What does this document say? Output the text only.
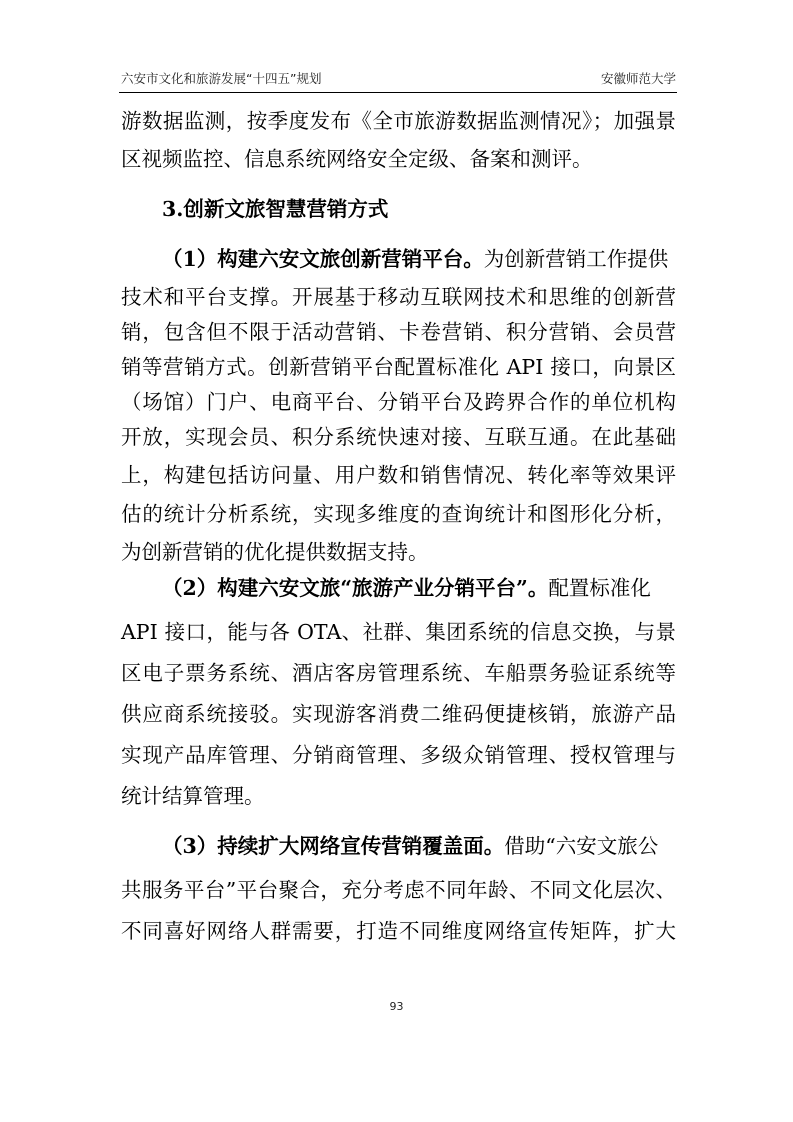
六安市文化和旅游发展“十四五”规划	安徽师范大学
游数据监测，按季度发布《全市旅游数据监测情况》；加强景
区视频监控、信息系统网络安全定级、备案和测评。
3.创新文旅智慧营销方式
（1）构建六安文旅创新营销平台。为创新营销工作提供
技术和平台支撑。开展基于移动互联网技术和思维的创新营
销，包含但不限于活动营销、卡卷营销、积分营销、会员营
销等营销方式。创新营销平台配置标准化 API 接口，向景区
（场馆）门户、电商平台、分销平台及跨界合作的单位机构
开放，实现会员、积分系统快速对接、互联互通。在此基础
上，构建包括访问量、用户数和销售情况、转化率等效果评
估的统计分析系统，实现多维度的查询统计和图形化分析，
为创新营销的优化提供数据支持。
（2）构建六安文旅“旅游产业分销平台”。配置标准化
API 接口，能与各 OTA、社群、集团系统的信息交换，与景
区电子票务系统、酒店客房管理系统、车船票务验证系统等
供应商系统接驳。实现游客消费二维码便捷核销，旅游产品
实现产品库管理、分销商管理、多级众销管理、授权管理与
统计结算管理。
（3）持续扩大网络宣传营销覆盖面。借助“六安文旅公
共服务平台”平台聚合，充分考虑不同年龄、不同文化层次、
不同喜好网络人群需要，打造不同维度网络宣传矩阵，扩大
93
